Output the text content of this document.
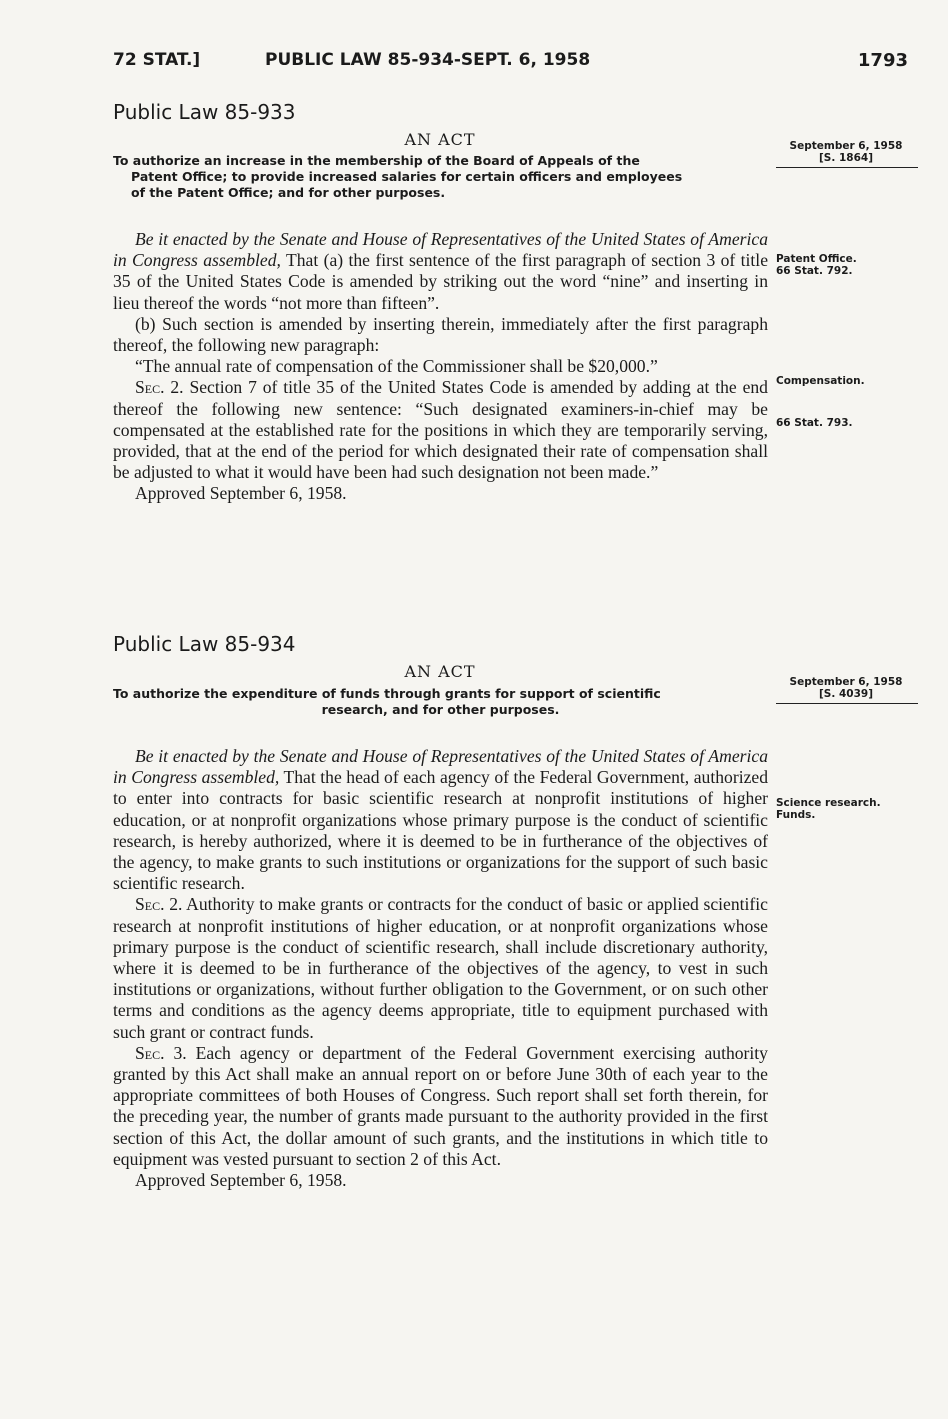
72 STAT.]	PUBLIC LAW 85-934-SEPT. 6, 1958	1793
Public Law 85-933
AN ACT	September 6, 1958
[S. 1864]
To authorize an increase in the membership of the Board of Appeals of the
Patent Office; to provide increased salaries for certain officers and employees
of the Patent Office; and for other purposes.

Be it enacted by the Senate and House of Representatives of the United States of America in Congress assembled, That (a) the first sentence of the first paragraph of section 3 of title 35 of the United States Code is amended by striking out the word “nine” and inserting in lieu thereof the words “not more than fifteen”.

(b) Such section is amended by inserting therein, immediately after the first paragraph thereof, the following new paragraph:

“The annual rate of compensation of the Commissioner shall be $20,000.”

Sec. 2. Section 7 of title 35 of the United States Code is amended by adding at the end thereof the following new sentence: “Such designated examiners-in-chief may be compensated at the established rate for the positions in which they are temporarily serving, provided, that at the end of the period for which designated their rate of compensation shall be adjusted to what it would have been had such designation not been made.”

Approved September 6, 1958.

Patent Office.
66 Stat. 792.
Compensation.
66 Stat. 793.
Public Law 85-934
AN ACT
September 6, 1958
[S. 4039]
To authorize the expenditure of funds through grants for support of scientific
research, and for other purposes.

Be it enacted by the Senate and House of Representatives of the United States of America in Congress assembled, That the head of each agency of the Federal Government, authorized to enter into contracts for basic scientific research at nonprofit institutions of higher education, or at nonprofit organizations whose primary purpose is the conduct of scientific research, is hereby authorized, where it is deemed to be in furtherance of the objectives of the agency, to make grants to such institutions or organizations for the support of such basic scientific research.

Sec. 2. Authority to make grants or contracts for the conduct of basic or applied scientific research at nonprofit institutions of higher education, or at nonprofit organizations whose primary purpose is the conduct of scientific research, shall include discretionary authority, where it is deemed to be in furtherance of the objectives of the agency, to vest in such institutions or organizations, without further obligation to the Government, or on such other terms and conditions as the agency deems appropriate, title to equipment purchased with such grant or contract funds.

Sec. 3. Each agency or department of the Federal Government exercising authority granted by this Act shall make an annual report on or before June 30th of each year to the appropriate committees of both Houses of Congress. Such report shall set forth therein, for the preceding year, the number of grants made pursuant to the authority provided in the first section of this Act, the dollar amount of such grants, and the institutions in which title to equipment was vested pursuant to section 2 of this Act.

Approved September 6, 1958.

Science research.
Funds.
